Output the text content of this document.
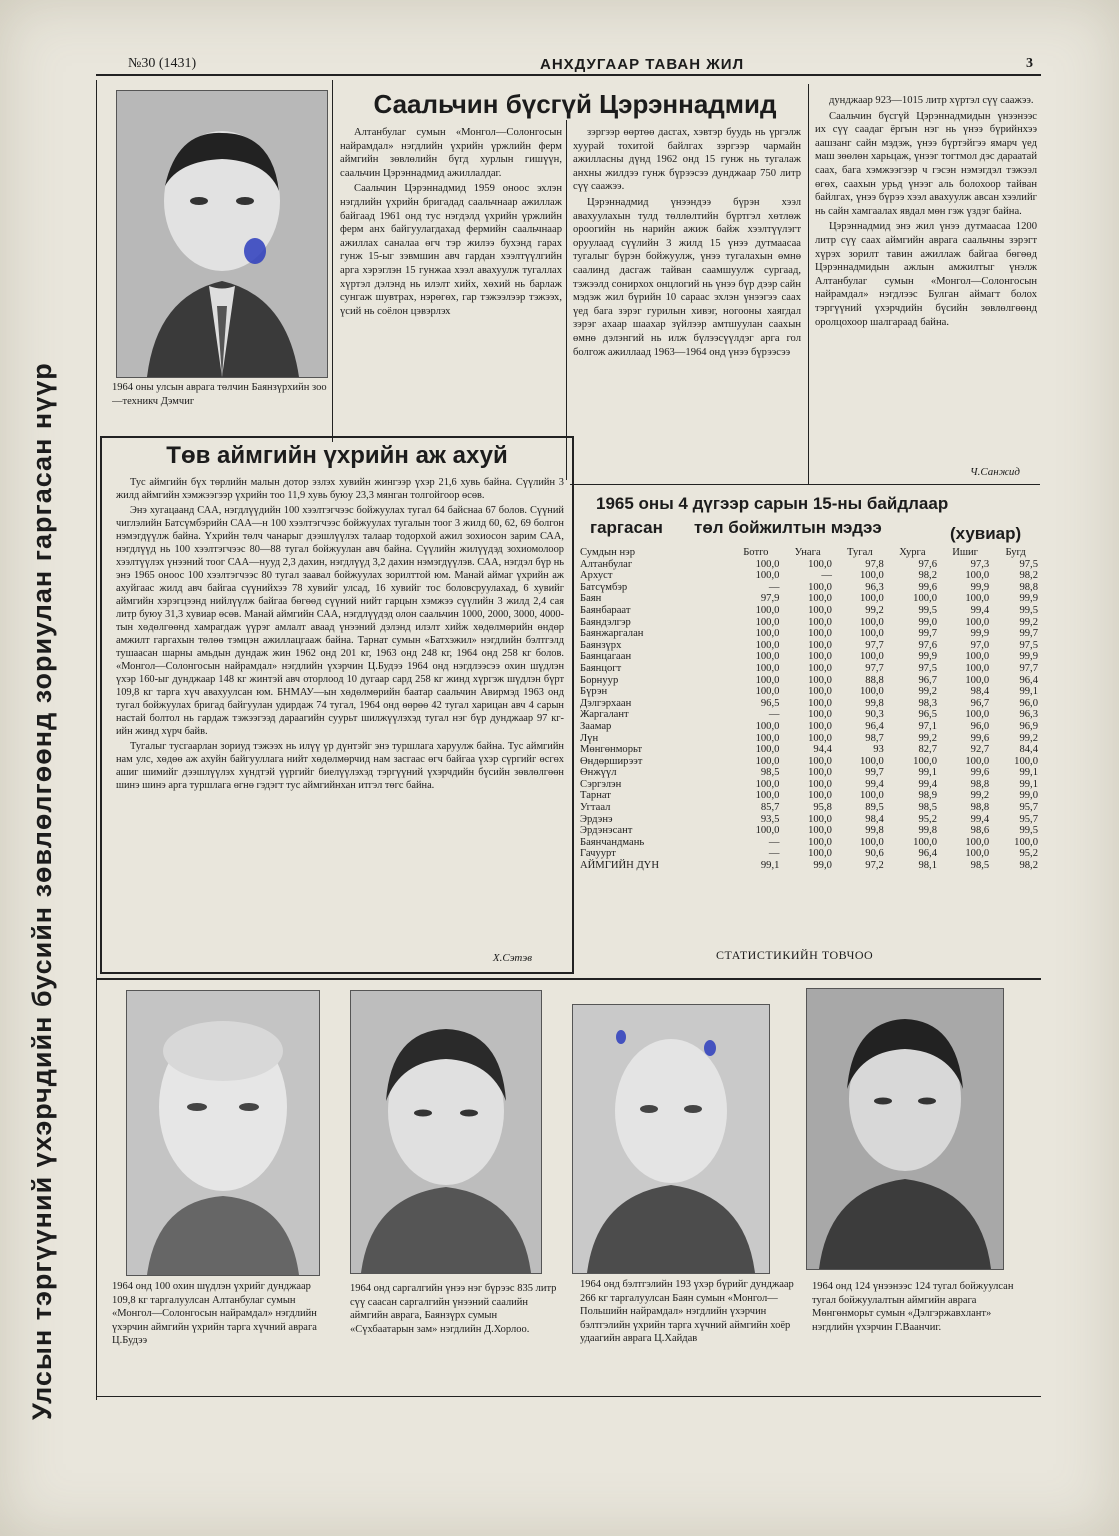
№30 (1431)	АНХДУГААР ТАВАН ЖИЛ	3
Улсын тэргүүний үхэрчдийн бусийн зөвлөлгөөнд зориулан гаргасан нүүр	1964 оны улсын аврага төлчин Баянзүрхийн зоо—техникч Дэмчиг
Саальчин бүсгүй Цэрэннадмид

Алтанбулаг сумын «Монгол—Солонгосын найрамдал» нэгдлийн үхрийн үржлийн ферм аймгийн зөвлөлийн бүгд хурлын гишүүн, саальчин Цэрэннадмид ажиллалдаг.

Саальчин Цэрэннадмид 1959 оноос эхлэн нэгдлийн үхрийн бригадад саальчнаар ажиллаж байгаад 1961 онд тус нэгдэлд үхрийн үржлийн ферм анх байгуулагдахад фермийн саальчнаар ажиллах саналаа өгч тэр жилээ бухэнд гарах гунж 15-ыг зэвмшин авч гардан хээлтүүлгийн арга хэрэглэн 15 гунжаа хээл авахуулж тугаллах хүртэл дэлэнд нь илэлт хийх, хөхий нь барлаж сунгаж шувтрах, нэрөгөх, гар тэжээлээр тэжээх, үсий нь соёлон цэвэрлэх

зэргээр өөртөө дасгах, хэвтэр буудь нь үргэлж хуурай тохитой байлгах зэргээр чармайн ажилласны дүнд 1962 онд 15 гунж нь тугалаж анхны жилдээ гунж бүрээсээ дунджаар 750 литр сүү саажээ.

Цэрэннадмид үнээндээ бүрэн хээл авахуулахын тулд төллөлтийн бүртгэл хөтлөж ороогийн нь нарийн ажиж байж хээлтүүлэгт оруулаад сүүлийн 3 жилд 15 үнээ дутмаасаа тугалыг бүрэн бойжуулж, үнээ тугалахын өмнө саалинд дасгаж тайван саамшуулж сургаад, тэжээлд сонирхох онцлогий нь үнээ бүр дээр сайн мэдэж жил бүрийн 10 сараас эхлэн үнээгээ саах үед бага зэрэг гурилын хивэг, ногооны хаягдал зэрэг ахаар шаахар зүйлээр амтшуулан саахын өмнө дэлэнгий нь илж бүлээсүүлдэг арга гол болгож ажиллаад 1963—1964 онд үнээ бүрээсээ

дунджаар 923—1015 литр хүртэл сүү саажээ.

Саальчин бүсгүй Цэрэннадмидын үнээнээс их сүү саадаг ёргын нэг нь үнээ бүрийнхээ аашзанг сайн мэдэж, үнээ бүртэйгээ ямарч үед маш зөөлөн харьцаж, үнээг тогтмол дэс дараатай саах, бага хэмжээгээр ч гэсэн нэмэгдэл тэжээл өгөх, саахын урьд үнээг аль болохоор тайван байлгах, үнээ бүрээ хээл авахуулж авсан хээлийг нь сайн хамгаалах явдал мөн гэж үздэг байна.

Цэрэннадмид энэ жил үнээ дутмаасаа 1200 литр сүү саах аймгийн аврага саальчны зэрэгт хүрэх зорилт тавин ажиллаж байгаа бөгөөд Цэрэннадмидын ажлын амжилтыг үнэлж Алтанбулаг сумын «Монгол—Солонгосын найрамдал» нэгдлээс Булган аймагт болох тэргүүний үхэрчдийн бүсийн зөвлөлгөөнд оролцохоор шалгараад байна.

Ч.Санжид
Төв аймгийн үхрийн аж ахуй

Тус аймгийн бүх төрлийн малын дотор эзлэх хувийн жингээр үхэр 21,6 хувь байна. Сүүлийн 3 жилд аймгийн хэмжээгээр үхрийн тоо 11,9 хувь буюу 23,3 мянган толгойгоор өсөв.

Энэ хугацаанд САА, нэгдлүүдийн 100 хээлтэгчээс бойжуулах тугал 64 байснаа 67 болов. Сүүний чиглэлийн Батсүмбэрийн САА—н 100 хээлтэгчээс бойжуулах тугалын тоог 3 жилд 60, 62, 69 болгон нэмэгдүүлж байна. Үхрийн төлч чанарыг дээшлүүлэх талаар тодорхой ажил зохиосон зарим САА, нэгдлүүд нь 100 хээлтэгчээс 80—88 тугал бойжуулан авч байна. Сүүлийн жилүүдэд зохиомолоор хээлтүүлэх үнээний тоог САА—нууд 2,3 дахин, нэгдлүүд 3,2 дахин нэмэгдүүлэв. САА, нэгдэл бүр нь энэ 1965 оноос 100 хээлтэгчээс 80 тугал заавал бойжуулах зорилттой юм. Манай аймаг үхрийн аж ахуйгаас жилд авч байгаа сүүнийхээ 78 хувийг улсад, 16 хувийг тос боловсруулахад, 6 хувийг аймгийн хэрэгцээнд нийлүүлж байгаа бөгөөд сүүний нийт гарцын хэмжээ сүүлийн 3 жилд 2,4 сая литр буюу 31,3 хувиар өсөв. Манай аймгийн САА, нэгдлүүдэд олон саальчин 1000, 2000, 3000, 4000-тын хөдөлгөөнд хамрагдаж үүрэг амлалт аваад үнээний дэлэнд илэлт хийж хөдөлмөрийн өндөр амжилт гаргахын төлөө тэмцэн ажиллацгааж байна. Тарнат сумын «Батхэжил» нэгдлийн бэлтгэлд тушаасан шарны амьдын дундаж жин 1962 онд 201 кг, 1963 онд 248 кг, 1964 онд 258 кг болов. «Монгол—Солонгосын найрамдал» нэгдлийн үхэрчин Ц.Будээ 1964 онд нэгдлээсээ охин шүдлэн үхэр 160-ыг дунджаар 148 кг жинтэй авч оторлоод 10 дугаар сард 258 кг жинд хүргэж шүдлэн бүрт 109,8 кг тарга хүч авахуулсан юм. БНМАУ—ын хөдөлмөрийн баатар саальчин Авирмэд 1963 онд тугал бойжуулах бригад байгуулан удирдаж 74 тугал, 1964 онд өөрөө 42 тугал харицан авч 4 сарын настай болтол нь гардаж тэжээгээд дараагийн суурьт шилжүүлэхэд тугал нэг бүр дунджаар 97 кг-ийн жинд хүрч байв.

Тугалыг тусгаарлан зориуд тэжээх нь илүү үр дүнтэйг энэ туршлага харуулж байна. Тус аймгийн нам улс, хөдөө аж ахуйн байгууллага нийт хөдөлмөрчид нам засгаас өгч байгаа үхэр сүргийг өсгөх ашиг шимийг дээшлүүлэх хүндтэй үүргийг биелүүлэхэд тэргүүний үхэрчдийн бүсийн зөвлөлгөөн шинэ шинэ арга туршлага өгнө гэдэгт тус аймгийнхан итгэл төгс байна.

Х.Сэтэв
1965 оны 4 дүгээр сарын 15-ны байдлаар
гаргасан төл бойжилтын мэдээ	(хувиар)
Сумдын нэр	Ботго	Унага	Тугал	Хурга	Ишиг	Бугд
Алтанбулаг	100,0	100,0	97,8	97,6	97,3	97,5
Архуст	100,0	—	100,0	98,2	100,0	98,2
Батсүмбэр	—	100,0	96,3	99,6	99,9	98,8
Баян	97,9	100,0	100,0	100,0	100,0	99,9
Баянбараат	100,0	100,0	99,2	99,5	99,4	99,5
Баяндэлгэр	100,0	100,0	100,0	99,0	100,0	99,2
Баянжаргалан	100,0	100,0	100,0	99,7	99,9	99,7
Баянзүрх	100,0	100,0	97,7	97,6	97,0	97,5
Баянцагаан	100,0	100,0	100,0	99,9	100,0	99,9
Баянцогт	100,0	100,0	97,7	97,5	100,0	97,7
Борнуур	100,0	100,0	88,8	96,7	100,0	96,4
Бүрэн	100,0	100,0	100,0	99,2	98,4	99,1
Дэлгэрхаан	96,5	100,0	99,8	98,3	96,7	96,0
Жаргалант	—	100,0	90,3	96,5	100,0	96,3
Заамар	100,0	100,0	96,4	97,1	96,0	96,9
Лүн	100,0	100,0	98,7	99,2	99,6	99,2
Мөнгөнморьт	100,0	94,4	93	82,7	92,7	84,4
Өндөрширээт	100,0	100,0	100,0	100,0	100,0	100,0
Өнжүүл	98,5	100,0	99,7	99,1	99,6	99,1
Сэргэлэн	100,0	100,0	99,4	99,4	98,8	99,1
Тарнат	100,0	100,0	100,0	98,9	99,2	99,0
Угтаал	85,7	95,8	89,5	98,5	98,8	95,7
Эрдэнэ	93,5	100,0	98,4	95,2	99,4	95,7
Эрдэнэсант	100,0	100,0	99,8	99,8	98,6	99,5
Баянчандмань	—	100,0	100,0	100,0	100,0	100,0
Гачуурт	—	100,0	90,6	96,4	100,0	95,2
АЙМГИЙН ДҮН	99,1	99,0	97,2	98,1	98,5	98,2
СТАТИСТИКИЙН ТОВЧОО
1964 онд 100 охин шүдлэн үхрийг дунджаар 109,8 кг таргалуулсан Алтанбулаг сумын «Монгол—Солонгосын найрамдал» нэгдлийн үхэрчин аймгийн үхрийн тарга хүчний аврага Ц.Будээ
1964 онд саргалгийн үнээ нэг бүрээс 835 литр сүү саасан саргалгийн үнээний саалийн аймгийн аврага, Баянзүрх сумын «Сүхбаатарын зам» нэгдлийн Д.Хорлоо.
1964 онд бэлтгэлийн 193 үхэр бүрийг дунджаар 266 кг таргалуулсан Баян сумын «Монгол—Польшийн найрамдал» нэгдлийн үхэрчин бэлтгэлийн үхрийн тарга хүчний аймгийн хоёр удаагийн аврага Ц.Хайдав
1964 онд 124 үнээнээс 124 тугал бойжуулсан тугал бойжуулалтын аймгийн аврага Мөнгөнморьт сумын «Дэлгэржавхлант» нэгдлийн үхэрчин Г.Ваанчиг.
